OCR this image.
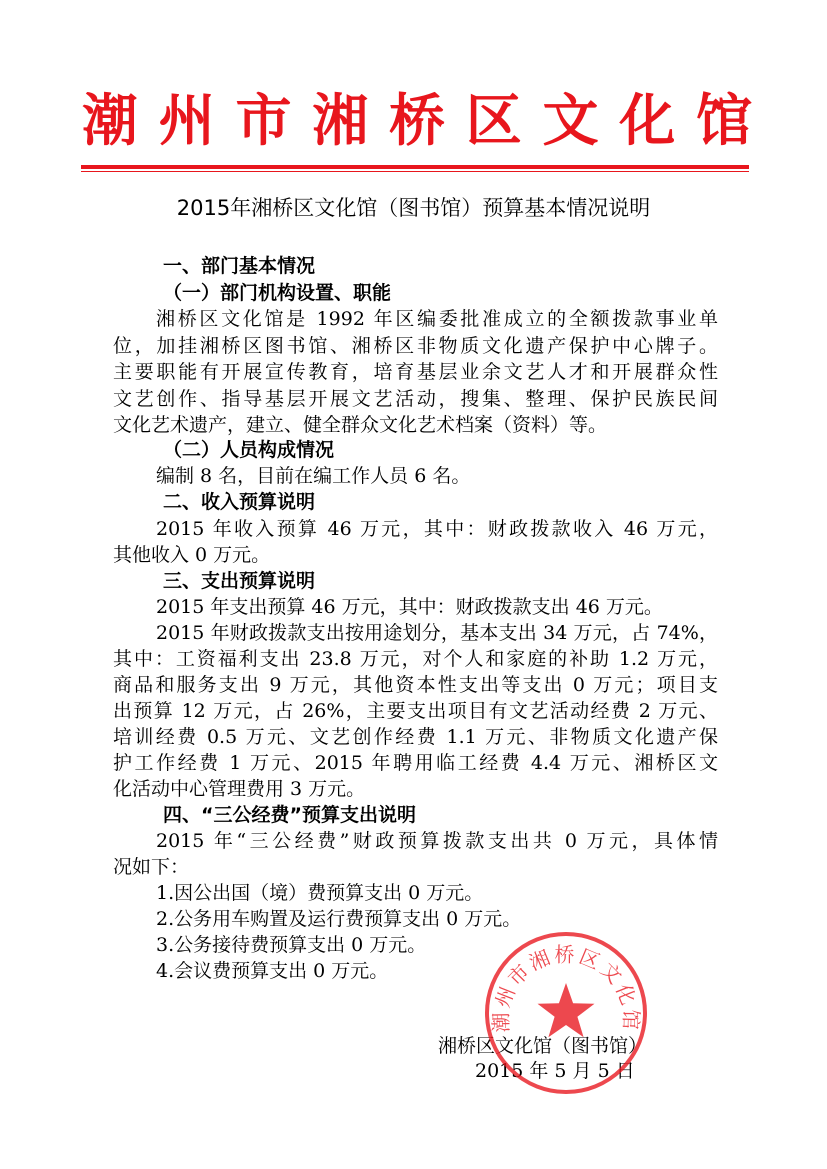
潮 州 市 湘 桥 区 文 化 馆
2015年湘桥区文化馆（图书馆）预算基本情况说明
一、部门基本情况
（一）部门机构设置、职能
湘桥区文化馆是 1992 年区编委批准成立的全额拨款事业单
位，加挂湘桥区图书馆、湘桥区非物质文化遗产保护中心牌子。
主要职能有开展宣传教育，培育基层业余文艺人才和开展群众性
文艺创作、指导基层开展文艺活动，搜集、整理、保护民族民间
文化艺术遗产，建立、健全群众文化艺术档案（资料）等。
（二）人员构成情况
编制 8 名，目前在编工作人员 6 名。
二、收入预算说明
2015 年收入预算 46 万元，其中：财政拨款收入 46 万元，
其他收入 0 万元。
三、支出预算说明
2015 年支出预算 46 万元，其中：财政拨款支出 46 万元。
2015 年财政拨款支出按用途划分，基本支出 34 万元，占 74%，
其中：工资福利支出 23.8 万元，对个人和家庭的补助 1.2 万元，
商品和服务支出 9 万元，其他资本性支出等支出 0 万元；项目支
出预算 12 万元，占 26%，主要支出项目有文艺活动经费 2 万元、
培训经费 0.5 万元、文艺创作经费 1.1 万元、非物质文化遗产保
护工作经费 1 万元、2015 年聘用临工经费 4.4 万元、湘桥区文
化活动中心管理费用 3 万元。
四、“三公经费”预算支出说明
2015 年“三公经费”财政预算拨款支出共 0 万元，具体情
况如下：
1.因公出国（境）费预算支出 0 万元。
2.公务用车购置及运行费预算支出 0 万元。
3.公务接待费预算支出 0 万元。
4.会议费预算支出 0 万元。
湘桥区文化馆（图书馆）
2015 年 5 月 5 日
潮州市湘桥区文化馆
